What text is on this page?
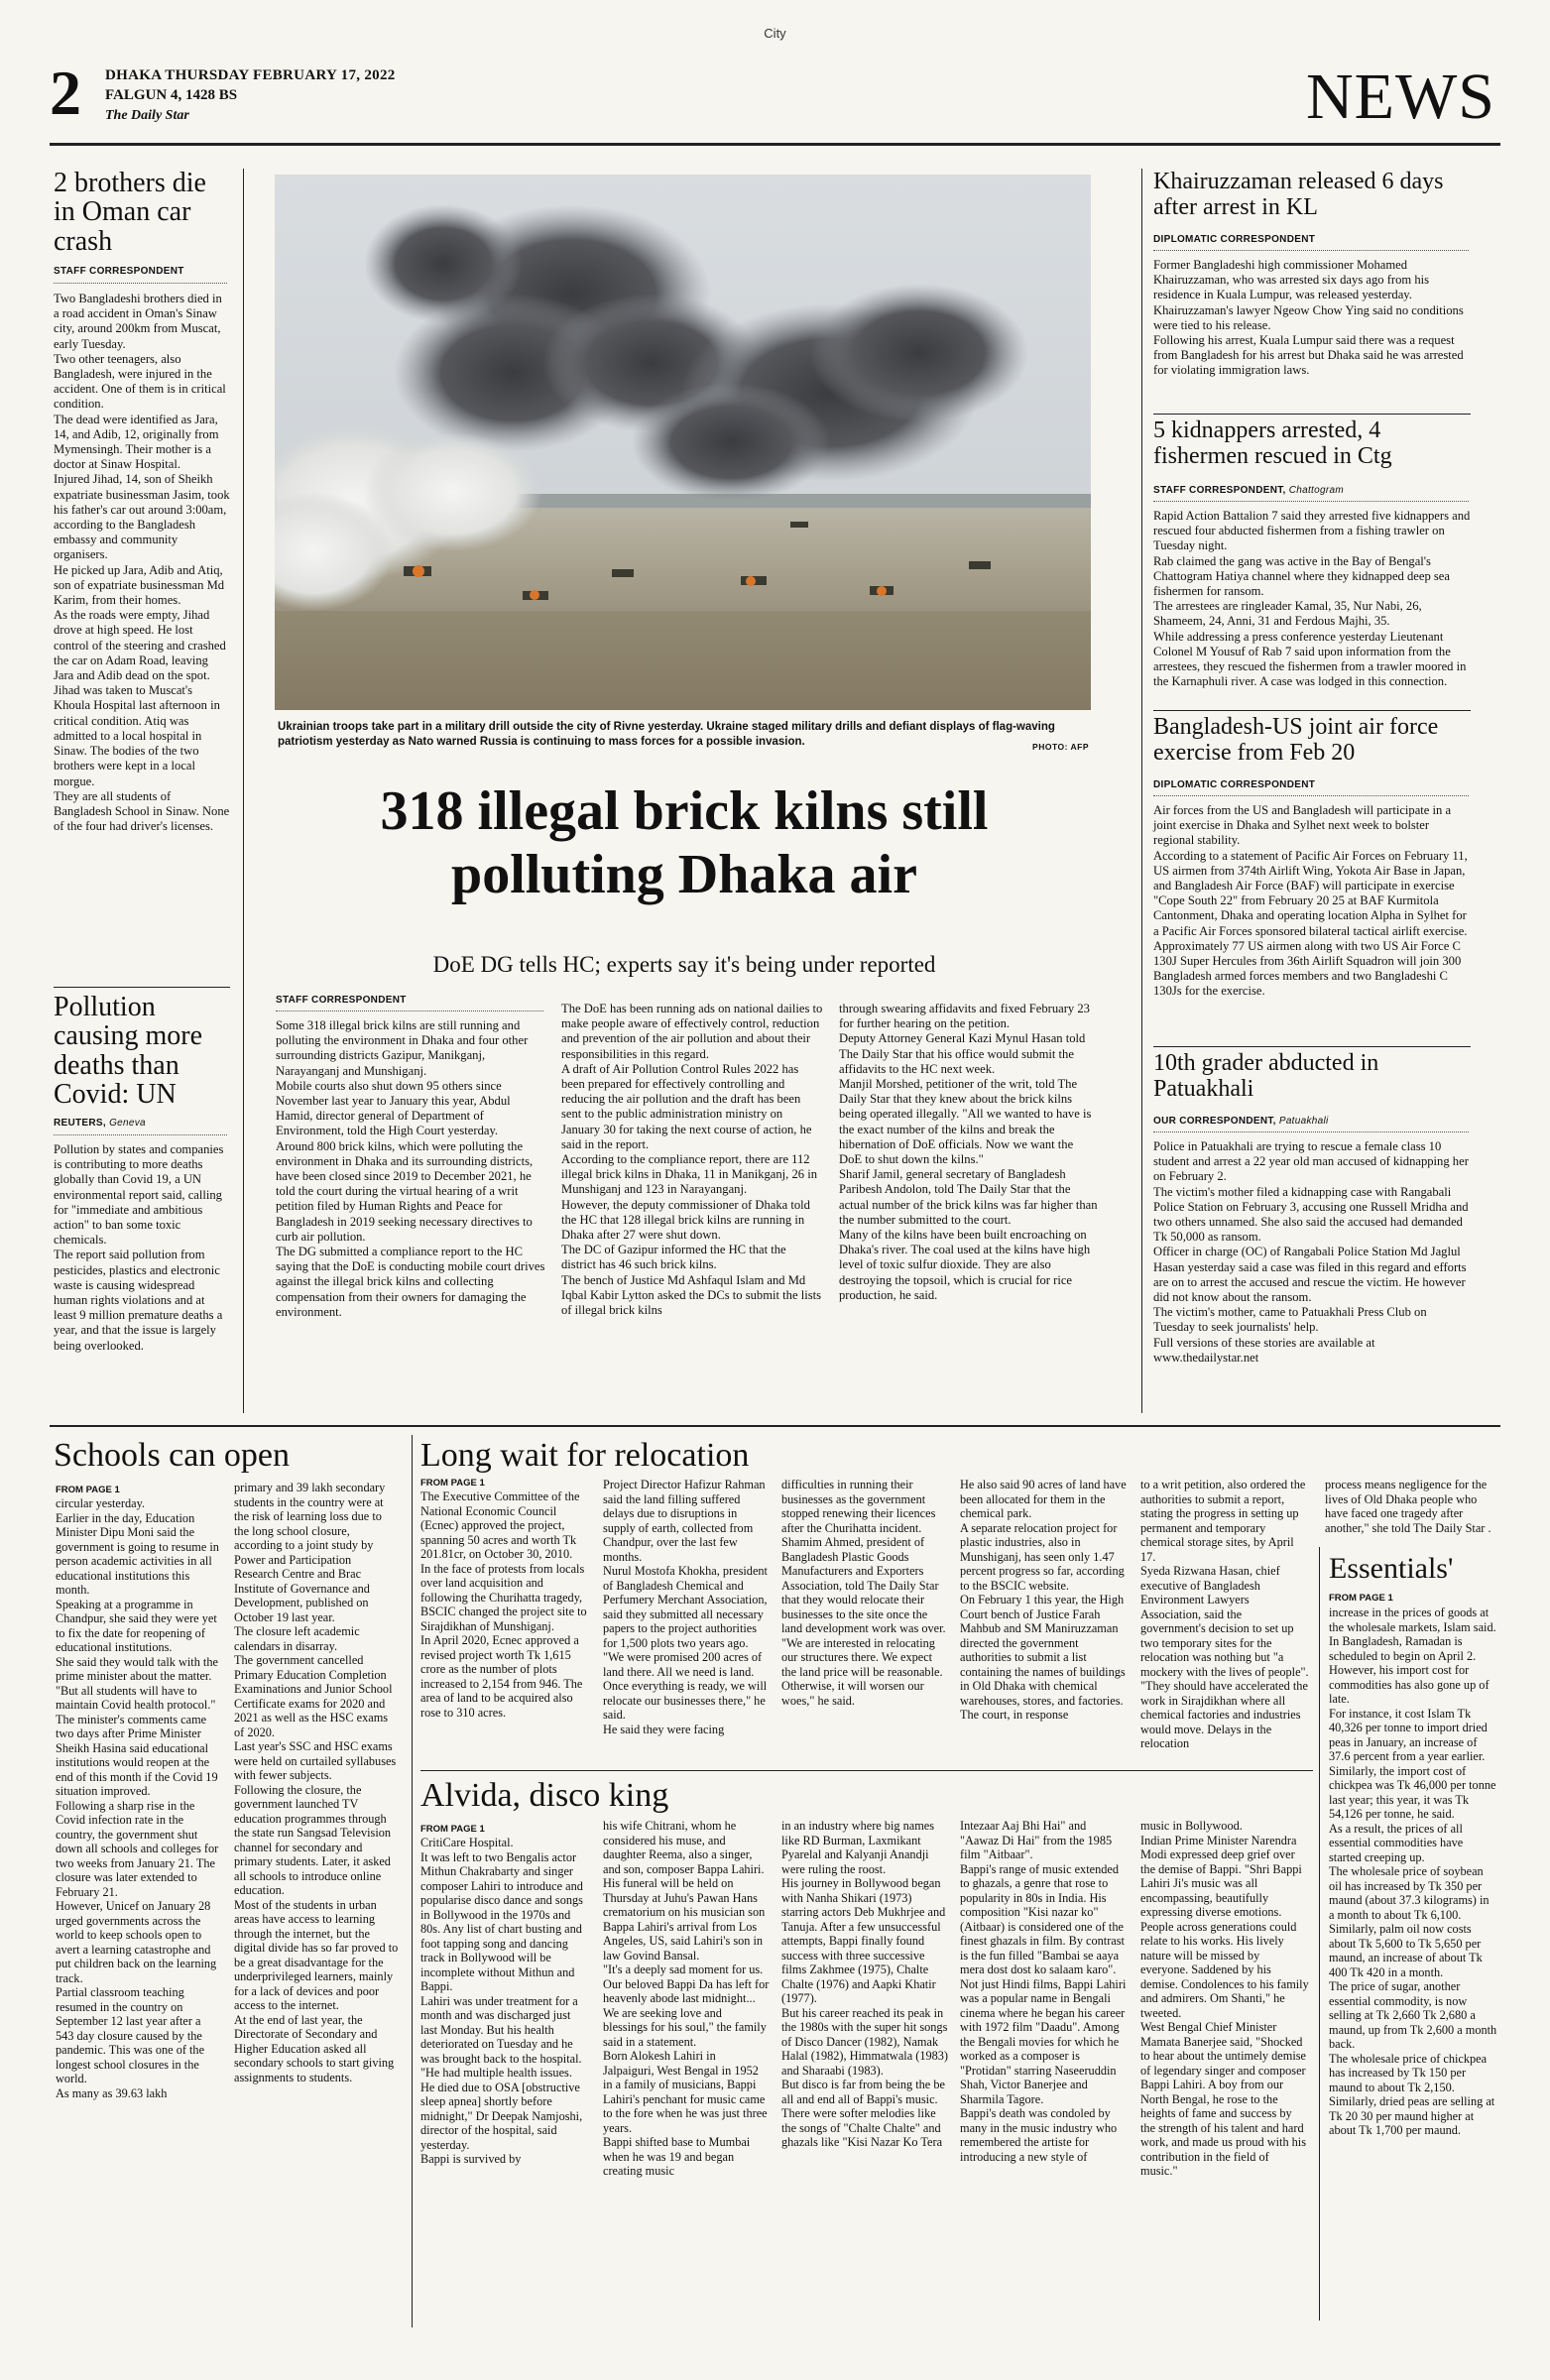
City
2 DHAKA THURSDAY FEBRUARY 17, 2022
FALGUN 4, 1428 BS
The Daily Star	NEWS
2 brothers die in Oman car crash
STAFF CORRESPONDENT
Two Bangladeshi brothers died in a road accident in Oman's Sinaw city, around 200km from Muscat, early Tuesday.
Two other teenagers, also Bangladesh, were injured in the accident. One of them is in critical condition.
The dead were identified as Jara, 14, and Adib, 12, originally from Mymensingh. Their mother is a doctor at Sinaw Hospital.
Injured Jihad, 14, son of Sheikh expatriate businessman Jasim, took his father's car out around 3:00am, according to the Bangladesh embassy and community organisers.
He picked up Jara, Adib and Atiq, son of expatriate businessman Md Karim, from their homes.
As the roads were empty, Jihad drove at high speed. He lost control of the steering and crashed the car on Adam Road, leaving Jara and Adib dead on the spot.
Jihad was taken to Muscat's Khoula Hospital last afternoon in critical condition. Atiq was admitted to a local hospital in Sinaw. The bodies of the two brothers were kept in a local morgue.
They are all students of Bangladesh School in Sinaw. None of the four had driver's licenses.
Pollution causing more deaths than Covid: UN
REUTERS, Geneva
Pollution by states and companies is contributing to more deaths globally than Covid 19, a UN environmental report said, calling for "immediate and ambitious action" to ban some toxic chemicals.
The report said pollution from pesticides, plastics and electronic waste is causing widespread human rights violations and at least 9 million premature deaths a year, and that the issue is largely being overlooked.
Ukrainian troops take part in a military drill outside the city of Rivne yesterday. Ukraine staged military drills and defiant displays of flag-waving patriotism yesterday as Nato warned Russia is continuing to mass forces for a possible invasion.	PHOTO: AFP
318 illegal brick kilns still polluting Dhaka air
DoE DG tells HC; experts say it's being under reported
STAFF CORRESPONDENT
Some 318 illegal brick kilns are still running and polluting the environment in Dhaka and four other surrounding districts Gazipur, Manikganj, Narayanganj and Munshiganj.
Mobile courts also shut down 95 others since November last year to January this year, Abdul Hamid, director general of Department of Environment, told the High Court yesterday.
Around 800 brick kilns, which were polluting the environment in Dhaka and its surrounding districts, have been closed since 2019 to December 2021, he told the court during the virtual hearing of a writ petition filed by Human Rights and Peace for Bangladesh in 2019 seeking necessary directives to curb air pollution.
The DG submitted a compliance report to the HC saying that the DoE is conducting mobile court drives against the illegal brick kilns and collecting compensation from their owners for damaging the environment.
The DoE has been running ads on national dailies to make people aware of effectively control, reduction and prevention of the air pollution and about their responsibilities in this regard.
A draft of Air Pollution Control Rules 2022 has been prepared for effectively controlling and reducing the air pollution and the draft has been sent to the public administration ministry on January 30 for taking the next course of action, he said in the report.
According to the compliance report, there are 112 illegal brick kilns in Dhaka, 11 in Manikganj, 26 in Munshiganj and 123 in Narayanganj.
However, the deputy commissioner of Dhaka told the HC that 128 illegal brick kilns are running in Dhaka after 27 were shut down.
The DC of Gazipur informed the HC that the district has 46 such brick kilns.
The bench of Justice Md Ashfaqul Islam and Md Iqbal Kabir Lytton asked the DCs to submit the lists of illegal brick kilns
through swearing affidavits and fixed February 23 for further hearing on the petition.
Deputy Attorney General Kazi Mynul Hasan told The Daily Star that his office would submit the affidavits to the HC next week.
Manjil Morshed, petitioner of the writ, told The Daily Star that they knew about the brick kilns being operated illegally. "All we wanted to have is the exact number of the kilns and break the hibernation of DoE officials. Now we want the DoE to shut down the kilns."
Sharif Jamil, general secretary of Bangladesh Paribesh Andolon, told The Daily Star that the actual number of the brick kilns was far higher than the number submitted to the court.
Many of the kilns have been built encroaching on Dhaka's river. The coal used at the kilns have high level of toxic sulfur dioxide. They are also destroying the topsoil, which is crucial for rice production, he said.
Khairuzzaman released 6 days after arrest in KL
DIPLOMATIC CORRESPONDENT
Former Bangladeshi high commissioner Mohamed Khairuzzaman, who was arrested six days ago from his residence in Kuala Lumpur, was released yesterday.
Khairuzzaman's lawyer Ngeow Chow Ying said no conditions were tied to his release.
Following his arrest, Kuala Lumpur said there was a request from Bangladesh for his arrest but Dhaka said he was arrested for violating immigration laws.
5 kidnappers arrested, 4 fishermen rescued in Ctg
STAFF CORRESPONDENT, Chattogram
Rapid Action Battalion 7 said they arrested five kidnappers and rescued four abducted fishermen from a fishing trawler on Tuesday night.
Rab claimed the gang was active in the Bay of Bengal's Chattogram Hatiya channel where they kidnapped deep sea fishermen for ransom.
The arrestees are ringleader Kamal, 35, Nur Nabi, 26, Shameem, 24, Anni, 31 and Ferdous Majhi, 35.
While addressing a press conference yesterday Lieutenant Colonel M Yousuf of Rab 7 said upon information from the arrestees, they rescued the fishermen from a trawler moored in the Karnaphuli river. A case was lodged in this connection.
Bangladesh-US joint air force exercise from Feb 20
DIPLOMATIC CORRESPONDENT
Air forces from the US and Bangladesh will participate in a joint exercise in Dhaka and Sylhet next week to bolster regional stability.
According to a statement of Pacific Air Forces on February 11, US airmen from 374th Airlift Wing, Yokota Air Base in Japan, and Bangladesh Air Force (BAF) will participate in exercise "Cope South 22" from February 20 25 at BAF Kurmitola Cantonment, Dhaka and operating location Alpha in Sylhet for a Pacific Air Forces sponsored bilateral tactical airlift exercise.
Approximately 77 US airmen along with two US Air Force C 130J Super Hercules from 36th Airlift Squadron will join 300 Bangladesh armed forces members and two Bangladeshi C 130Js for the exercise.
10th grader abducted in Patuakhali
OUR CORRESPONDENT, Patuakhali
Police in Patuakhali are trying to rescue a female class 10 student and arrest a 22 year old man accused of kidnapping her on February 2.
The victim's mother filed a kidnapping case with Rangabali Police Station on February 3, accusing one Russell Mridha and two others unnamed. She also said the accused had demanded Tk 50,000 as ransom.
Officer in charge (OC) of Rangabali Police Station Md Jaglul Hasan yesterday said a case was filed in this regard and efforts are on to arrest the accused and rescue the victim. He however did not know about the ransom.
The victim's mother, came to Patuakhali Press Club on Tuesday to seek journalists' help.
Full versions of these stories are available at www.thedailystar.net
Schools can open
FROM PAGE 1
circular yesterday.
Earlier in the day, Education Minister Dipu Moni said the government is going to resume in person academic activities in all educational institutions this month.
Speaking at a programme in Chandpur, she said they were yet to fix the date for reopening of educational institutions.
She said they would talk with the prime minister about the matter. "But all students will have to maintain Covid health protocol."
The minister's comments came two days after Prime Minister Sheikh Hasina said educational institutions would reopen at the end of this month if the Covid 19 situation improved.
Following a sharp rise in the Covid infection rate in the country, the government shut down all schools and colleges for two weeks from January 21. The closure was later extended to February 21.
However, Unicef on January 28 urged governments across the world to keep schools open to avert a learning catastrophe and put children back on the learning track.
Partial classroom teaching resumed in the country on September 12 last year after a 543 day closure caused by the pandemic. This was one of the longest school closures in the world.
As many as 39.63 lakh
primary and 39 lakh secondary students in the country were at the risk of learning loss due to the long school closure, according to a joint study by Power and Participation Research Centre and Brac Institute of Governance and Development, published on October 19 last year.
The closure left academic calendars in disarray.
The government cancelled Primary Education Completion Examinations and Junior School Certificate exams for 2020 and 2021 as well as the HSC exams of 2020.
Last year's SSC and HSC exams were held on curtailed syllabuses with fewer subjects.
Following the closure, the government launched TV education programmes through the state run Sangsad Television channel for secondary and primary students. Later, it asked all schools to introduce online education.
Most of the students in urban areas have access to learning through the internet, but the digital divide has so far proved to be a great disadvantage for the underprivileged learners, mainly for a lack of devices and poor access to the internet.
At the end of last year, the Directorate of Secondary and Higher Education asked all secondary schools to start giving assignments to students.
Long wait for relocation
FROM PAGE 1
The Executive Committee of the National Economic Council (Ecnec) approved the project, spanning 50 acres and worth Tk 201.81cr, on October 30, 2010.
In the face of protests from locals over land acquisition and following the Churihatta tragedy, BSCIC changed the project site to Sirajdikhan of Munshiganj.
In April 2020, Ecnec approved a revised project worth Tk 1,615 crore as the number of plots increased to 2,154 from 946. The area of land to be acquired also rose to 310 acres.
Project Director Hafizur Rahman said the land filling suffered delays due to disruptions in supply of earth, collected from Chandpur, over the last few months.
Nurul Mostofa Khokha, president of Bangladesh Chemical and Perfumery Merchant Association, said they submitted all necessary papers to the project authorities for 1,500 plots two years ago.
"We were promised 200 acres of land there. All we need is land. Once everything is ready, we will relocate our businesses there," he said.
He said they were facing
difficulties in running their businesses as the government stopped renewing their licences after the Churihatta incident.
Shamim Ahmed, president of Bangladesh Plastic Goods Manufacturers and Exporters Association, told The Daily Star that they would relocate their businesses to the site once the land development work was over.
"We are interested in relocating our structures there. We expect the land price will be reasonable. Otherwise, it will worsen our woes," he said.
He also said 90 acres of land have been allocated for them in the chemical park.
A separate relocation project for plastic industries, also in Munshiganj, has seen only 1.47 percent progress so far, according to the BSCIC website.
On February 1 this year, the High Court bench of Justice Farah Mahbub and SM Maniruzzaman directed the government authorities to submit a list containing the names of buildings in Old Dhaka with chemical warehouses, stores, and factories.
The court, in response
to a writ petition, also ordered the authorities to submit a report, stating the progress in setting up permanent and temporary chemical storage sites, by April 17.
Syeda Rizwana Hasan, chief executive of Bangladesh Environment Lawyers Association, said the government's decision to set up two temporary sites for the relocation was nothing but "a mockery with the lives of people".
"They should have accelerated the work in Sirajdikhan where all chemical factories and industries would move. Delays in the relocation
process means negligence for the lives of Old Dhaka people who have faced one tragedy after another," she told The Daily Star .
Alvida, disco king
FROM PAGE 1
CritiCare Hospital.
It was left to two Bengalis actor Mithun Chakrabarty and singer composer Lahiri to introduce and popularise disco dance and songs in Bollywood in the 1970s and 80s. Any list of chart busting and foot tapping song and dancing track in Bollywood will be incomplete without Mithun and Bappi.
Lahiri was under treatment for a month and was discharged just last Monday. But his health deteriorated on Tuesday and he was brought back to the hospital.
"He had multiple health issues. He died due to OSA [obstructive sleep apnea] shortly before midnight," Dr Deepak Namjoshi, director of the hospital, said yesterday.
Bappi is survived by
his wife Chitrani, whom he considered his muse, and daughter Reema, also a singer, and son, composer Bappa Lahiri. His funeral will be held on Thursday at Juhu's Pawan Hans crematorium on his musician son Bappa Lahiri's arrival from Los Angeles, US, said Lahiri's son in law Govind Bansal.
"It's a deeply sad moment for us. Our beloved Bappi Da has left for heavenly abode last midnight... We are seeking love and blessings for his soul," the family said in a statement.
Born Alokesh Lahiri in Jalpaiguri, West Bengal in 1952 in a family of musicians, Bappi Lahiri's penchant for music came to the fore when he was just three years.
Bappi shifted base to Mumbai when he was 19 and began creating music
in an industry where big names like RD Burman, Laxmikant Pyarelal and Kalyanji Anandji were ruling the roost.
His journey in Bollywood began with Nanha Shikari (1973) starring actors Deb Mukhrjee and Tanuja. After a few unsuccessful attempts, Bappi finally found success with three successive films Zakhmee (1975), Chalte Chalte (1976) and Aapki Khatir (1977).
But his career reached its peak in the 1980s with the super hit songs of Disco Dancer (1982), Namak Halal (1982), Himmatwala (1983) and Sharaabi (1983).
But disco is far from being the be all and end all of Bappi's music. There were softer melodies like the songs of "Chalte Chalte" and ghazals like "Kisi Nazar Ko Tera
Intezaar Aaj Bhi Hai" and "Aawaz Di Hai" from the 1985 film "Aitbaar".
Bappi's range of music extended to ghazals, a genre that rose to popularity in 80s in India. His composition "Kisi nazar ko" (Aitbaar) is considered one of the finest ghazals in film. By contrast is the fun filled "Bambai se aaya mera dost dost ko salaam karo".
Not just Hindi films, Bappi Lahiri was a popular name in Bengali cinema where he began his career with 1972 film "Daadu". Among the Bengali movies for which he worked as a composer is "Protidan" starring Naseeruddin Shah, Victor Banerjee and Sharmila Tagore.
Bappi's death was condoled by many in the music industry who remembered the artiste for introducing a new style of
music in Bollywood.
Indian Prime Minister Narendra Modi expressed deep grief over the demise of Bappi. "Shri Bappi Lahiri Ji's music was all encompassing, beautifully expressing diverse emotions. People across generations could relate to his works. His lively nature will be missed by everyone. Saddened by his demise. Condolences to his family and admirers. Om Shanti," he tweeted.
West Bengal Chief Minister Mamata Banerjee said, "Shocked to hear about the untimely demise of legendary singer and composer Bappi Lahiri. A boy from our North Bengal, he rose to the heights of fame and success by the strength of his talent and hard work, and made us proud with his contribution in the field of music."
Essentials'
FROM PAGE 1
increase in the prices of goods at the wholesale markets, Islam said.
In Bangladesh, Ramadan is scheduled to begin on April 2.
However, his import cost for commodities has also gone up of late.
For instance, it cost Islam Tk 40,326 per tonne to import dried peas in January, an increase of 37.6 percent from a year earlier.
Similarly, the import cost of chickpea was Tk 46,000 per tonne last year; this year, it was Tk 54,126 per tonne, he said.
As a result, the prices of all essential commodities have started creeping up.
The wholesale price of soybean oil has increased by Tk 350 per maund (about 37.3 kilograms) in a month to about Tk 6,100.
Similarly, palm oil now costs about Tk 5,600 to Tk 5,650 per maund, an increase of about Tk 400 Tk 420 in a month.
The price of sugar, another essential commodity, is now selling at Tk 2,660 Tk 2,680 a maund, up from Tk 2,600 a month back.
The wholesale price of chickpea has increased by Tk 150 per maund to about Tk 2,150. Similarly, dried peas are selling at Tk 20 30 per maund higher at about Tk 1,700 per maund.
